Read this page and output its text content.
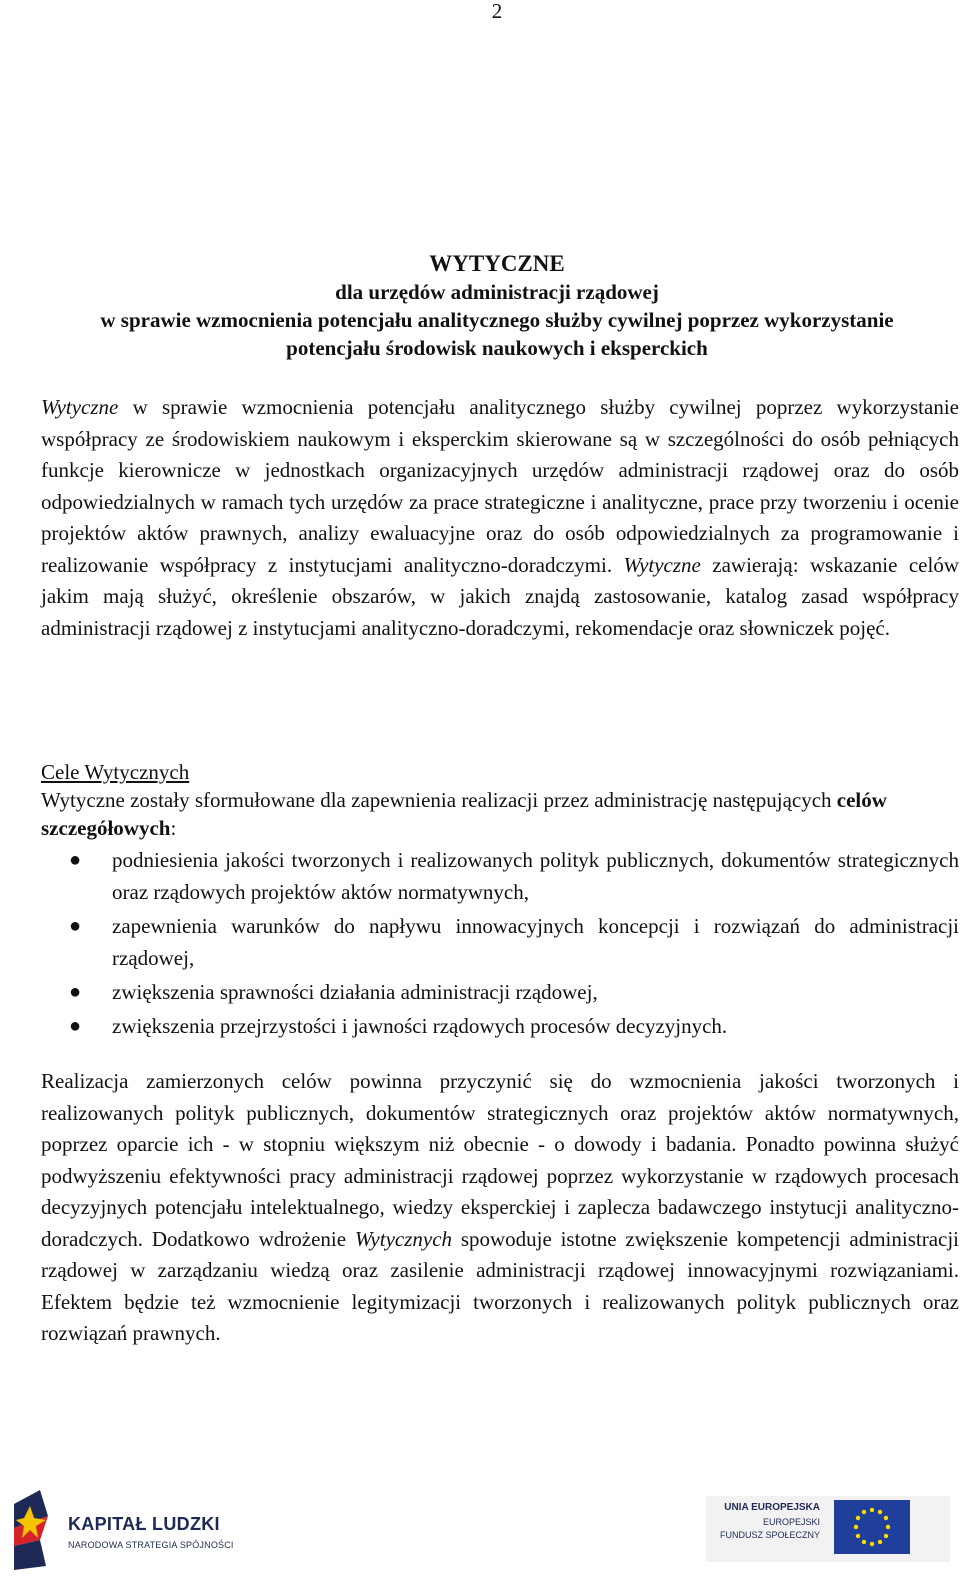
2
WYTYCZNE
dla urzędów administracji rządowej
w sprawie wzmocnienia potencjału analitycznego służby cywilnej poprzez wykorzystanie
potencjału środowisk naukowych i eksperckich

Wytyczne w sprawie wzmocnienia potencjału analitycznego służby cywilnej poprzez wykorzystanie współpracy ze środowiskiem naukowym i eksperckim skierowane są w szczególności do osób pełniących funkcje kierownicze w jednostkach organizacyjnych urzędów administracji rządowej oraz do osób odpowiedzialnych w ramach tych urzędów za prace strategiczne i analityczne, prace przy tworzeniu i ocenie projektów aktów prawnych, analizy ewaluacyjne oraz do osób odpowiedzialnych za programowanie i realizowanie współpracy z instytucjami analityczno-doradczymi. Wytyczne zawierają: wskazanie celów jakim mają służyć, określenie obszarów, w jakich znajdą zastosowanie, katalog zasad współpracy administracji rządowej z instytucjami analityczno-doradczymi, rekomendacje oraz słowniczek pojęć.

Cele Wytycznych

Wytyczne zostały sformułowane dla zapewnienia realizacji przez administrację następujących celów szczegółowych:

● podniesienia jakości tworzonych i realizowanych polityk publicznych, dokumentów strategicznych oraz rządowych projektów aktów normatywnych,
● zapewnienia warunków do napływu innowacyjnych koncepcji i rozwiązań do administracji rządowej,
● zwiększenia sprawności działania administracji rządowej,
● zwiększenia przejrzystości i jawności rządowych procesów decyzyjnych.

Realizacja zamierzonych celów powinna przyczynić się do wzmocnienia jakości tworzonych i realizowanych polityk publicznych, dokumentów strategicznych oraz projektów aktów normatywnych, poprzez oparcie ich - w stopniu większym niż obecnie - o dowody i badania. Ponadto powinna służyć podwyższeniu efektywności pracy administracji rządowej poprzez wykorzystanie w rządowych procesach decyzyjnych potencjału intelektualnego, wiedzy eksperckiej i zaplecza badawczego instytucji analityczno-doradczych. Dodatkowo wdrożenie Wytycznych spowoduje istotne zwiększenie kompetencji administracji rządowej w zarządzaniu wiedzą oraz zasilenie administracji rządowej innowacyjnymi rozwiązaniami. Efektem będzie też wzmocnienie legitymizacji tworzonych i realizowanych polityk publicznych oraz rozwiązań prawnych.

KAPITAŁ LUDZKI
NARODOWA STRATEGIA SPÓJNOŚCI
UNIA EUROPEJSKA
EUROPEJSKI
FUNDUSZ SPOŁECZNY
